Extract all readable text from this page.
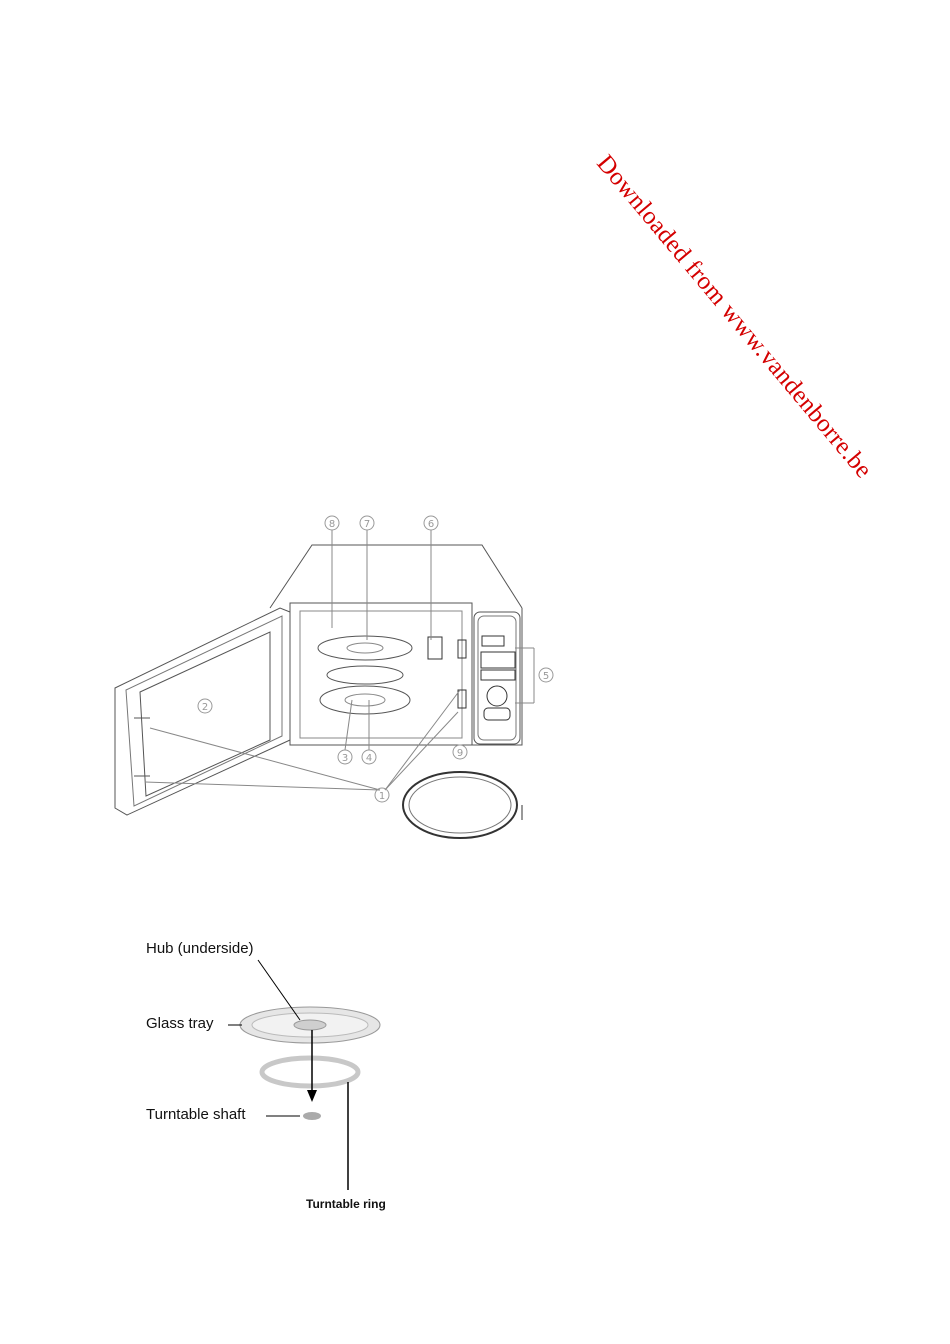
Downloaded from www.vandenborre.be
8	7	6
5
2
3 4
1
9
Hub (underside)
Glass tray
Turntable shaft
Turntable ring
